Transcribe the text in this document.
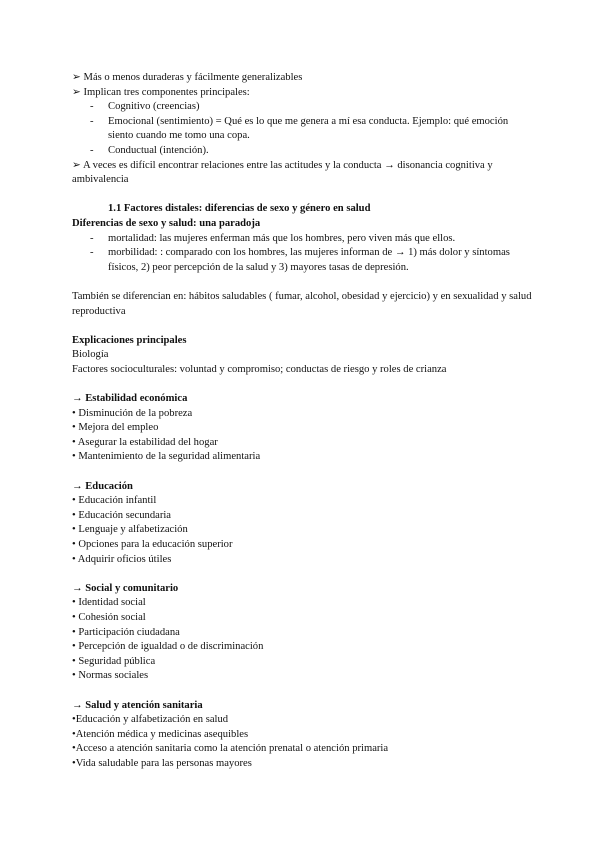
➢ Más o menos duraderas y fácilmente generalizables

➢ Implican tres componentes principales:

- Cognitivo (creencias)
- Emocional (sentimiento) = Qué es lo que me genera a mí esa conducta. Ejemplo: qué emoción siento cuando me tomo una copa.
- Conductual (intención).

➢ A veces es difícil encontrar relaciones entre las actitudes y la conducta → disonancia cognitiva y ambivalencia

1.1 Factores distales: diferencias de sexo y género en salud

Diferencias de sexo y salud: una paradoja

- mortalidad: las mujeres enferman más que los hombres, pero viven más que ellos.
- morbilidad: : comparado con los hombres, las mujeres informan de → 1) más dolor y síntomas físicos, 2) peor percepción de la salud y 3) mayores tasas de depresión.

También se diferencian en: hábitos saludables ( fumar, alcohol, obesidad y ejercicio) y en sexualidad y salud reproductiva

Explicaciones principales

Biología

Factores socioculturales: voluntad y compromiso; conductas de riesgo y roles de crianza

→ Estabilidad económica

• Disminución de la pobreza
• Mejora del empleo
• Asegurar la estabilidad del hogar
• Mantenimiento de la seguridad alimentaria

→ Educación

• Educación infantil
• Educación secundaria
• Lenguaje y alfabetización
• Opciones para la educación superior
• Adquirir oficios útiles

→ Social y comunitario

• Identidad social
• Cohesión social
• Participación ciudadana
• Percepción de igualdad o de discriminación
• Seguridad pública
• Normas sociales

→ Salud y atención sanitaria

•Educación y alfabetización en salud
•Atención médica y medicinas asequibles
•Acceso a atención sanitaria como la atención prenatal o atención primaria
•Vida saludable para las personas mayores
